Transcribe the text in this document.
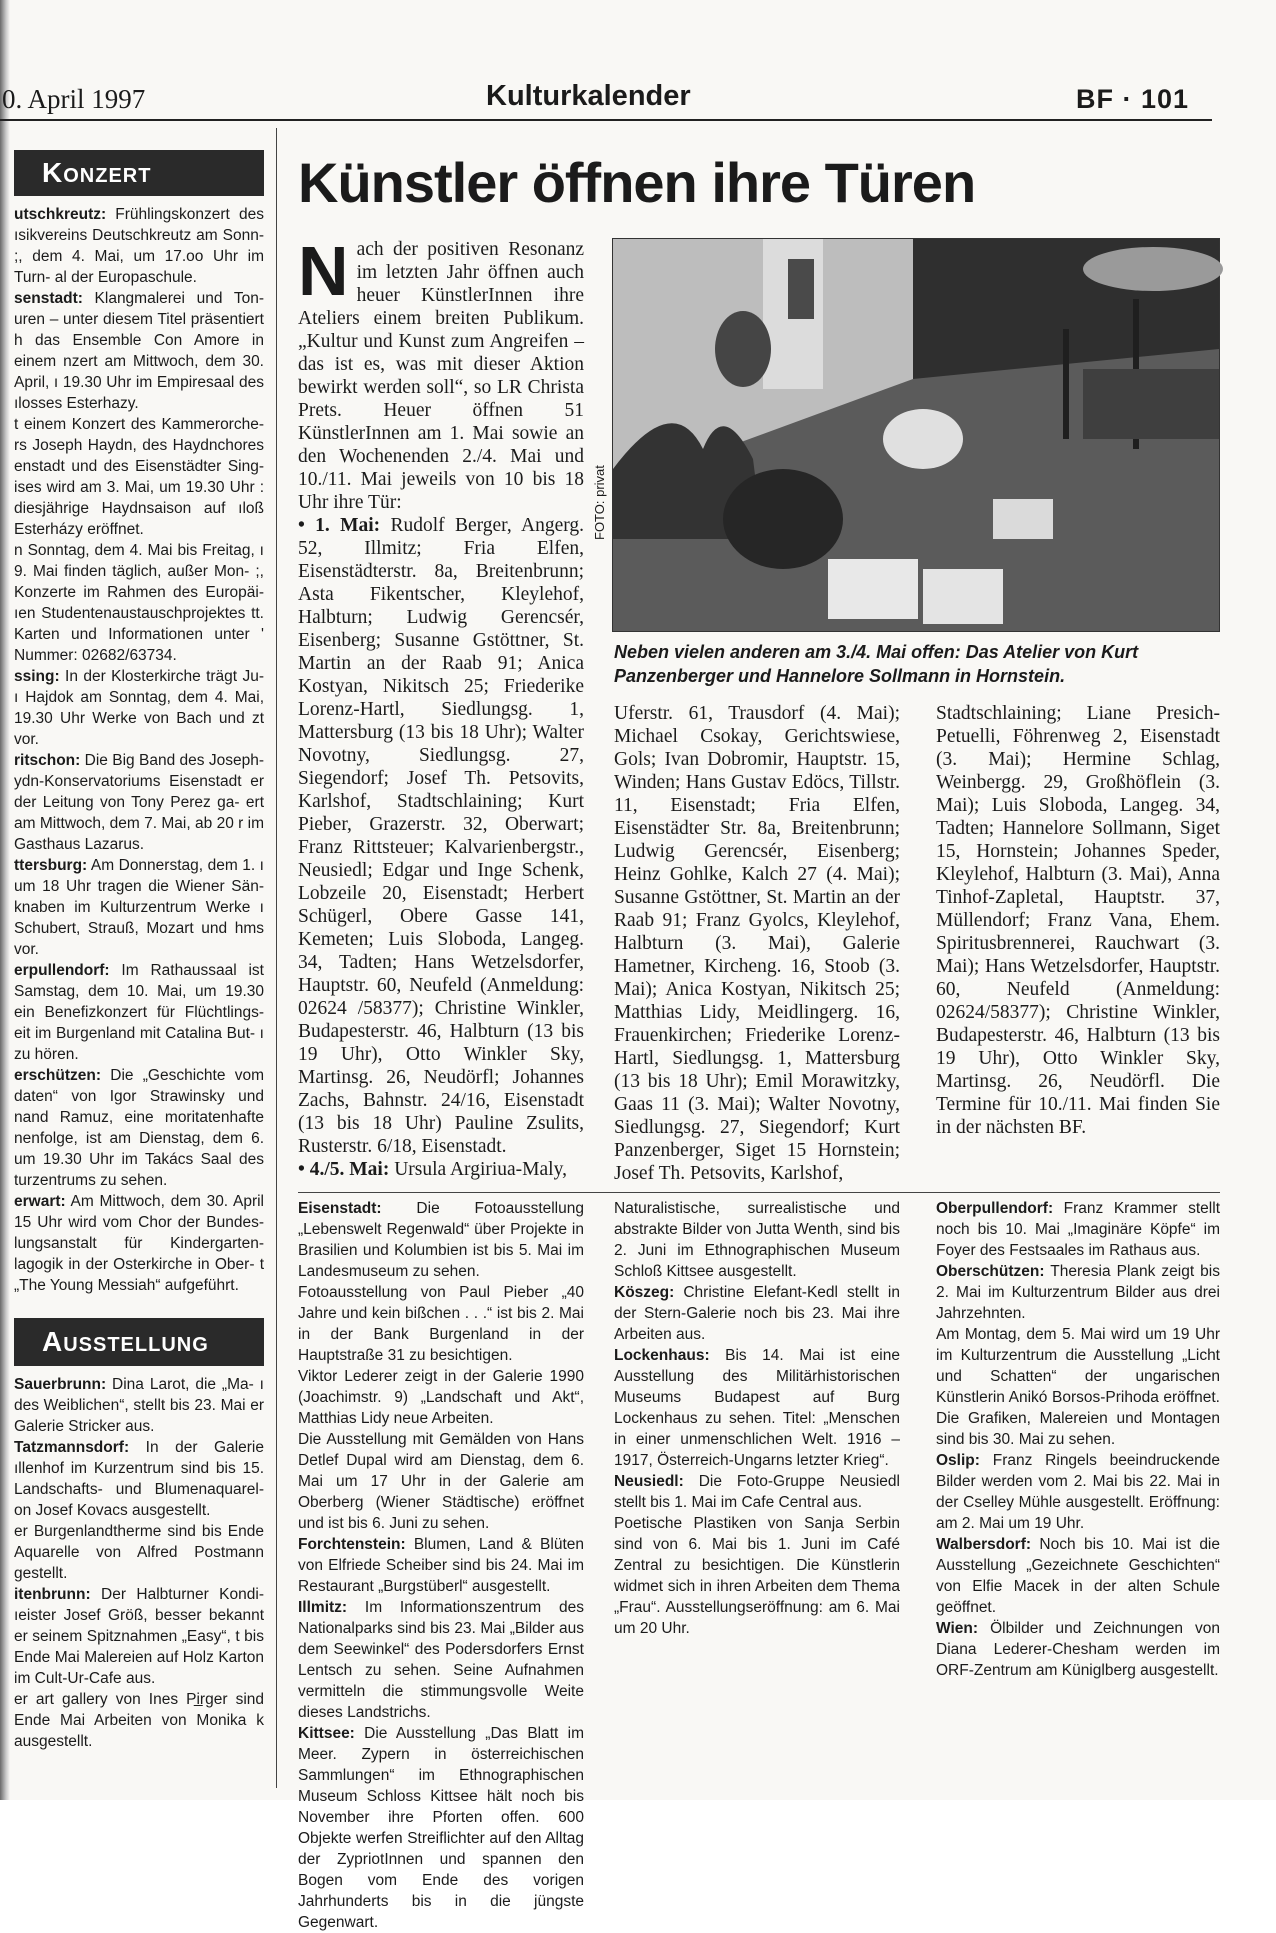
0. April 1997	Kulturkalender	BF · 101
Konzert

utschkreutz: Frühlingskonzert des ısikvereins Deutschkreutz am Sonn- ;, dem 4. Mai, um 17.oo Uhr im Turn- al der Europaschule.

senstadt: Klangmalerei und Ton- uren – unter diesem Titel präsentiert h das Ensemble Con Amore in einem nzert am Mittwoch, dem 30. April, ı 19.30 Uhr im Empiresaal des ılosses Esterhazy.

t einem Konzert des Kammerorche- rs Joseph Haydn, des Haydnchores enstadt und des Eisenstädter Sing- ises wird am 3. Mai, um 19.30 Uhr : diesjährige Haydnsaison auf ıloß Esterházy eröffnet.

n Sonntag, dem 4. Mai bis Freitag, ı 9. Mai finden täglich, außer Mon- ;, Konzerte im Rahmen des Europäi- ıen Studentenaustauschprojektes tt. Karten und Informationen unter ' Nummer: 02682/63734.

ssing: In der Klosterkirche trägt Ju- ı Hajdok am Sonntag, dem 4. Mai, 19.30 Uhr Werke von Bach und zt vor.

ritschon: Die Big Band des Joseph- ydn-Konservatoriums Eisenstadt er der Leitung von Tony Perez ga- ert am Mittwoch, dem 7. Mai, ab 20 r im Gasthaus Lazarus.

ttersburg: Am Donnerstag, dem 1. ı um 18 Uhr tragen die Wiener Sän- knaben im Kulturzentrum Werke ı Schubert, Strauß, Mozart und hms vor.

erpullendorf: Im Rathaussaal ist Samstag, dem 10. Mai, um 19.30 ein Benefizkonzert für Flüchtlings- eit im Burgenland mit Catalina But- ı zu hören.

erschützen: Die „Geschichte vom daten“ von Igor Strawinsky und nand Ramuz, eine moritatenhafte nenfolge, ist am Dienstag, dem 6. um 19.30 Uhr im Takács Saal des turzentrums zu sehen.

erwart: Am Mittwoch, dem 30. April 15 Uhr wird vom Chor der Bundes- lungsanstalt für Kindergarten- lagogik in der Osterkirche in Ober- t „The Young Messiah“ aufgeführt.

Ausstellung

Sauerbrunn: Dina Larot, die „Ma- ı des Weiblichen“, stellt bis 23. Mai er Galerie Stricker aus.

Tatzmannsdorf: In der Galerie ıllenhof im Kurzentrum sind bis 15. Landschafts- und Blumenaquarel- on Josef Kovacs ausgestellt.

er Burgenlandtherme sind bis Ende Aquarelle von Alfred Postmann gestellt.

itenbrunn: Der Halbturner Kondi- ıeister Josef Größ, besser bekannt er seinem Spitznahmen „Easy“, t bis Ende Mai Malereien auf Holz Karton im Cult-Ur-Cafe aus.

er art gallery von Ines Pi̲rger sind Ende Mai Arbeiten von Monika k ausgestellt.

Künstler öffnen ihre Türen

Nach der positiven Resonanz im letzten Jahr öffnen auch heuer KünstlerInnen ihre Ateliers einem breiten Publikum. „Kultur und Kunst zum Angreifen – das ist es, was mit dieser Aktion bewirkt werden soll“, so LR Christa Prets. Heuer öffnen 51 KünstlerInnen am 1. Mai sowie an den Wochenenden 2./4. Mai und 10./11. Mai jeweils von 10 bis 18 Uhr ihre Tür:

• 1. Mai: Rudolf Berger, Angerg. 52, Illmitz; Fria Elfen, Eisenstädterstr. 8a, Breitenbrunn; Asta Fikentscher, Kleylehof, Halbturn; Ludwig Gerencsér, Eisenberg; Susanne Gstöttner, St. Martin an der Raab 91; Anica Kostyan, Nikitsch 25; Friederike Lorenz-Hartl, Siedlungsg. 1, Mattersburg (13 bis 18 Uhr); Walter Novotny, Siedlungsg. 27, Siegendorf; Josef Th. Petsovits, Karlshof, Stadtschlaining; Kurt Pieber, Grazerstr. 32, Oberwart; Franz Rittsteuer; Kalvarienbergstr., Neusiedl; Edgar und Inge Schenk, Lobzeile 20, Eisenstadt; Herbert Schügerl, Obere Gasse 141, Kemeten; Luis Sloboda, Langeg. 34, Tadten; Hans Wetzelsdorfer, Hauptstr. 60, Neufeld (Anmeldung: 02624 /58377); Christine Winkler, Budapesterstr. 46, Halbturn (13 bis 19 Uhr), Otto Winkler Sky, Martinsg. 26, Neudörfl; Johannes Zachs, Bahnstr. 24/16, Eisenstadt (13 bis 18 Uhr) Pauline Zsulits, Rusterstr. 6/18, Eisenstadt.

• 4./5. Mai: Ursula Argiriua-Maly,

FOTO: privat
Neben vielen anderen am 3./4. Mai offen: Das Atelier von Kurt Panzenberger und Hannelore Sollmann in Hornstein.

Uferstr. 61, Trausdorf (4. Mai); Michael Csokay, Gerichtswiese, Gols; Ivan Dobromir, Hauptstr. 15, Winden; Hans Gustav Edöcs, Tillstr. 11, Eisenstadt; Fria Elfen, Eisenstädter Str. 8a, Breitenbrunn; Ludwig Gerencsér, Eisenberg; Heinz Gohlke, Kalch 27 (4. Mai); Susanne Gstöttner, St. Martin an der Raab 91; Franz Gyolcs, Kleylehof, Halbturn (3. Mai), Galerie Hametner, Kircheng. 16, Stoob (3. Mai); Anica Kostyan, Nikitsch 25; Matthias Lidy, Meidlingerg. 16, Frauenkirchen; Friederike Lorenz-Hartl, Siedlungsg. 1, Mattersburg (13 bis 18 Uhr); Emil Morawitzky, Gaas 11 (3. Mai); Walter Novotny, Siedlungsg. 27, Siegendorf; Kurt Panzenberger, Siget 15 Hornstein; Josef Th. Petsovits, Karlshof,

Stadtschlaining; Liane Presich-Petuelli, Föhrenweg 2, Eisenstadt (3. Mai); Hermine Schlag, Weinbergg. 29, Großhöflein (3. Mai); Luis Sloboda, Langeg. 34, Tadten; Hannelore Sollmann, Siget 15, Hornstein; Johannes Speder, Kleylehof, Halbturn (3. Mai), Anna Tinhof-Zapletal, Hauptstr. 37, Müllendorf; Franz Vana, Ehem. Spiritusbrennerei, Rauchwart (3. Mai); Hans Wetzelsdorfer, Hauptstr. 60, Neufeld (Anmeldung: 02624/58377); Christine Winkler, Budapesterstr. 46, Halbturn (13 bis 19 Uhr), Otto Winkler Sky, Martinsg. 26, Neudörfl. Die Termine für 10./11. Mai finden Sie in der nächsten BF.

Eisenstadt: Die Fotoausstellung „Lebenswelt Regenwald“ über Projekte in Brasilien und Kolumbien ist bis 5. Mai im Landesmuseum zu sehen.

Fotoausstellung von Paul Pieber „40 Jahre und kein bißchen . . .“ ist bis 2. Mai in der Bank Burgenland in der Hauptstraße 31 zu besichtigen.

Viktor Lederer zeigt in der Galerie 1990 (Joachimstr. 9) „Landschaft und Akt“, Matthias Lidy neue Arbeiten.

Die Ausstellung mit Gemälden von Hans Detlef Dupal wird am Dienstag, dem 6. Mai um 17 Uhr in der Galerie am Oberberg (Wiener Städtische) eröffnet und ist bis 6. Juni zu sehen.

Forchtenstein: Blumen, Land & Blüten von Elfriede Scheiber sind bis 24. Mai im Restaurant „Burgstüberl“ ausgestellt.

Illmitz: Im Informationszentrum des Nationalparks sind bis 23. Mai „Bilder aus dem Seewinkel“ des Podersdorfers Ernst Lentsch zu sehen. Seine Aufnahmen vermitteln die stimmungsvolle Weite dieses Landstrichs.

Kittsee: Die Ausstellung „Das Blatt im Meer. Zypern in österreichischen Sammlungen“ im Ethnographischen Museum Schloss Kittsee hält noch bis November ihre Pforten offen. 600 Objekte werfen Streiflichter auf den Alltag der ZypriotInnen und spannen den Bogen vom Ende des vorigen Jahrhunderts bis in die jüngste Gegenwart.

Naturalistische, surrealistische und abstrakte Bilder von Jutta Wenth, sind bis 2. Juni im Ethnographischen Museum Schloß Kittsee ausgestellt.

Köszeg: Christine Elefant-Kedl stellt in der Stern-Galerie noch bis 23. Mai ihre Arbeiten aus.

Lockenhaus: Bis 14. Mai ist eine Ausstellung des Militärhistorischen Museums Budapest auf Burg Lockenhaus zu sehen. Titel: „Menschen in einer unmenschlichen Welt. 1916 – 1917, Österreich-Ungarns letzter Krieg“.

Neusiedl: Die Foto-Gruppe Neusiedl stellt bis 1. Mai im Cafe Central aus.

Poetische Plastiken von Sanja Serbin sind von 6. Mai bis 1. Juni im Café Zentral zu besichtigen. Die Künstlerin widmet sich in ihren Arbeiten dem Thema „Frau“. Ausstellungseröffnung: am 6. Mai um 20 Uhr.

Oberpullendorf: Franz Krammer stellt noch bis 10. Mai „Imaginäre Köpfe“ im Foyer des Festsaales im Rathaus aus.

Oberschützen: Theresia Plank zeigt bis 2. Mai im Kulturzentrum Bilder aus drei Jahrzehnten.

Am Montag, dem 5. Mai wird um 19 Uhr im Kulturzentrum die Ausstellung „Licht und Schatten“ der ungarischen Künstlerin Anikó Borsos-Prihoda eröffnet. Die Grafiken, Malereien und Montagen sind bis 30. Mai zu sehen.

Oslip: Franz Ringels beeindruckende Bilder werden vom 2. Mai bis 22. Mai in der Cselley Mühle ausgestellt. Eröffnung: am 2. Mai um 19 Uhr.

Walbersdorf: Noch bis 10. Mai ist die Ausstellung „Gezeichnete Geschichten“ von Elfie Macek in der alten Schule geöffnet.

Wien: Ölbilder und Zeichnungen von Diana Lederer-Chesham werden im ORF-Zentrum am Küniglberg ausgestellt.
